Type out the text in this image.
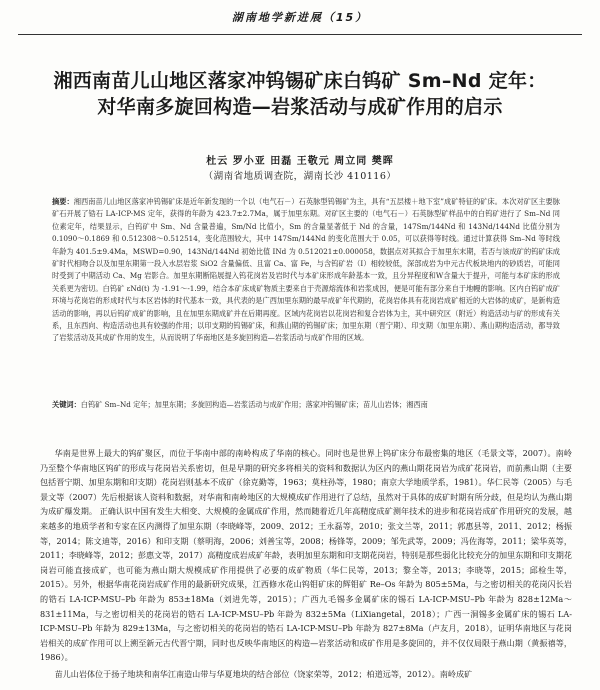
湖南地学新进展（15）
湘西南苗儿山地区落家冲钨锡矿床白钨矿 Sm–Nd 定年：
对华南多旋回构造—岩浆活动与成矿作用的启示
杜云 罗小亚 田磊 王敬元 周立同 樊晖
（湖南省地质调查院，湖南长沙 410116）
摘要：湘西南苗儿山地区落家冲钨锡矿床是近年新发现的一个以（电气石－）石英脉型钨锡矿为主，具有“五层楼＋地下室”成矿特征的矿床。本次对矿区主要脉矿石开展了锆石 LA-ICP-MS 定年，获得的年龄为 423.7±2.7Ma，属于加里东期。对矿区主要的（电气石－）石英脉型矿样品中的白钨矿进行了 Sm–Nd 同位素定年，结果显示，白钨矿中 Sm、Nd 含量普遍，Sm/Nd 比值小，Sm 的含量显著低于 Nd 的含量，147Sm/144Nd 和 143Nd/144Nd 比值分别为 0.1090～0.1869 和 0.512308～0.512514，变化范围较大，其中 147Sm/144Nd 的变化范围大于 0.05，可以获得等时线。通过计算获得 Sm–Nd 等时线年龄为 401.5±9.4Ma，MSWD=0.90，143Nd/144Nd 初始比值 INd 为 0.512021±0.000058，数据点对其拟合于加里东末期，若否与该成矿的钨矿床成矿时代相吻合以及加里东期第一段入水层岩浆 SiO2 含量偏低、且富 Ca、富 Fe，与含钨矿岩（I）相较较低，深部成岩为中元古代板块地内的砂质岩，可能同时受到了中期活动 Ca、Mg 岩影合。加里东期断陷展提入钨花岗岩及岩时代与本矿床形成年龄基本一致，且分异程度和W含量大于提升，可能与本矿床的形成关系更为密切。白钨矿 εNd(t) 为 -1.91～-1.99，结合本矿床成矿物质主要来自于壳源熔流体和岩浆成因，便是可能有部分来自于地幔的影响。区内白钨矿成矿环境与花岗岩的形成时代与本区岩体的时代基本一致，具代表的是广西加里东期的最早成矿年代期的，花岗岩体具有花岗岩成矿相近的大岩体的成矿，是新构造活动的影响，再以后钨矿成矿的影响，且在加里东期成矿并在后期再度。区域内花岗岩以花岗岩和复合岩体为主，其中研究区（附近）构造活动与矿的形成有关系，且东西向、构造活动也具有较强的作用；以印支期的钨锡矿床，和燕山期的钨锡矿床；加里东期（晋宁期）、印支期（加里东期）、燕山期构造活动，都导致了岩浆活动及其成矿作用的发生，从而说明了华南地区是多旋回构造—岩浆活动与成矿作用的区域。
关键词：白钨矿 Sm–Nd 定年；加里东期；多旋回构造—岩浆活动与成矿作用；落家冲钨锡矿床；苗儿山岩体；湘西南

华南是世界上最大的钨矿聚区，而位于华南中部的南岭构成了华南的核心。同时也是世界上钨矿床分布最密集的地区（毛景文等，2007）。南岭乃至整个华南地区钨矿的形成与花岗岩关系密切，但是早期的研究多将相关的资料和数据认为区内的燕山期花岗岩为成矿花岗岩，而前燕山期（主要包括晋宁期、加里东期和印支期）花岗岩则基本不成矿（徐克勤等，1963；莫柱孙等，1980；南京大学地质学系，1981）。华仁民等（2005）与毛景文等（2007）先后根据该人资料和数据，对华南和南岭地区的大规模成矿作用进行了总结，虽然对于具体的成矿时期有所分歧，但是均认为燕山期为成矿爆发期。 正确认识中国有发生大相变、大规模的金属成矿作用，然而随着近几年高精度成矿测年技术的进步和花岗岩成矿作用研究的发展，越来越多的地质学者和专家在区内测得了加里东期（李晓峰等，2009、2012；王永磊等，2010；张文兰等，2011；郭惠县等，2011、2012；杨振等，2014；陈文迪等，2016）和印支期（蔡明海，2006；刘善宝等，2008；杨锋等，2009；邹先武等，2009；冯佐海等，2011；梁华英等，2011；李晓峰等，2012；彭惠文等，2017）高精度成岩成矿年龄，表明加里东期和印支期花岗岩，特别是那些弱化比较充分的加里东期和印支期花岗岩可能直接成矿，也可能为燕山期大规模成矿作用提供了必要的成矿物质（华仁民等，2013；黎全等，2013；李晓等，2015；邱检生等，2015）。另外，根据华南花岗岩成矿作用的最新研究成果，江西修水花山钨钼矿床的辉钼矿 Re–Os 年龄为 805±5Ma，与之密切相关的花岗闪长岩的锆石 LA-ICP-MSU–Pb 年龄为 853±18Ma（刘进先等，2015）；广西九毛锡多金属矿床的锡石 LA-ICP-MSU–Pb 年龄为 828±12Ma～831±11Ma，与之密切相关的花岗岩的锆石 LA-ICP-MSU–Pb 年龄为 832±5Ma（LiXiangetal，2018）；广西一洞锡多金属矿床的锡石 LA-ICP-MSU–Pb 年龄为 829±13Ma，与之密切相关的花岗岩的锆石 LA-ICP-MSU–Pb 年龄为 827±8Ma（卢友月，2018），证明华南地区与花岗岩相关的成矿作用可以上溯至新元古代晋宁期，同时也反映华南地区的构造—岩浆活动和成矿作用是多旋回的，并不仅仅局限于燕山期（黄振禧等，1986）。

苗儿山岩体位于扬子地块和南华江南造山带与华夏地块的结合部位（饶家荣等，2012；柏道远等，2012）。南岭成矿
